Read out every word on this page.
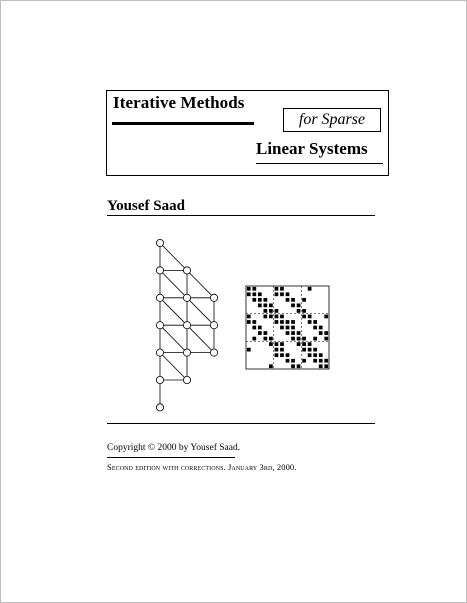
Iterative Methods
for Sparse
Linear Systems
Yousef Saad
Copyright © 2000 by Yousef Saad.
Second edition with corrections. January 3rd, 2000.
